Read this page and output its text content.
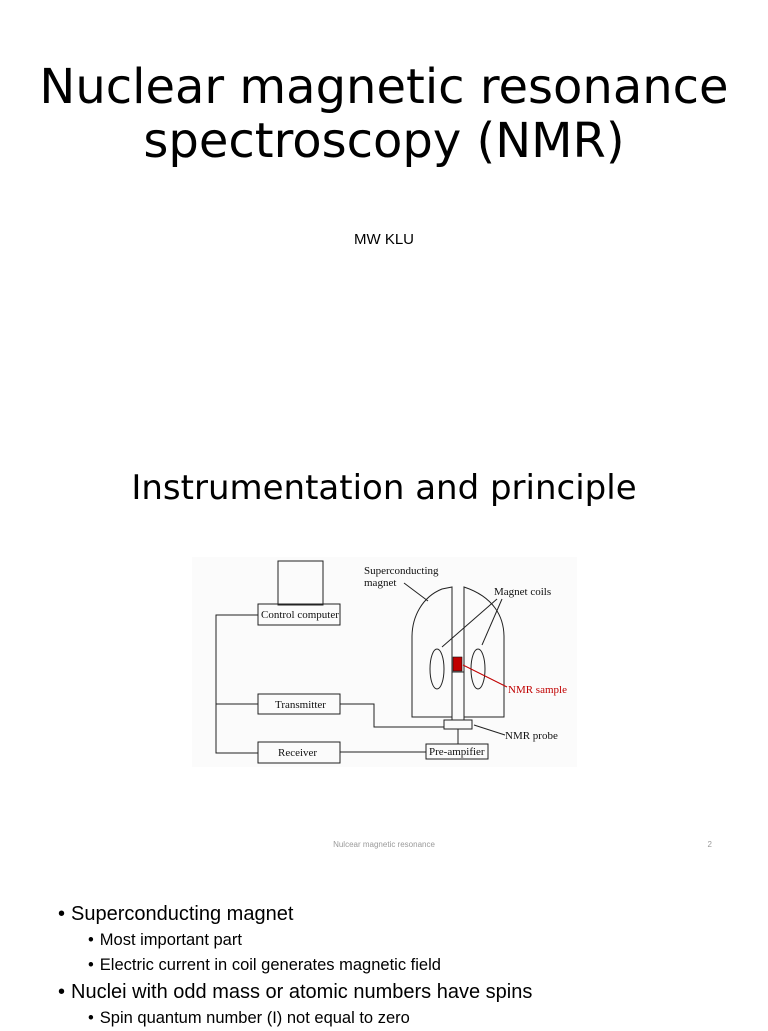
Nuclear magnetic resonance spectroscopy (NMR)
MW KLU
Instrumentation and principle
Superconducting
magnet
Magnet coils
Control computer
Transmitter
Receiver	Pre-ampifier
NMR sample
NMR probe
Nulcear magnetic resonance	2

• Superconducting magnet

• Most important part

• Electric current in coil generates magnetic field

• Nuclei with odd mass or atomic numbers have spins

• Spin quantum number (I) not equal to zero
